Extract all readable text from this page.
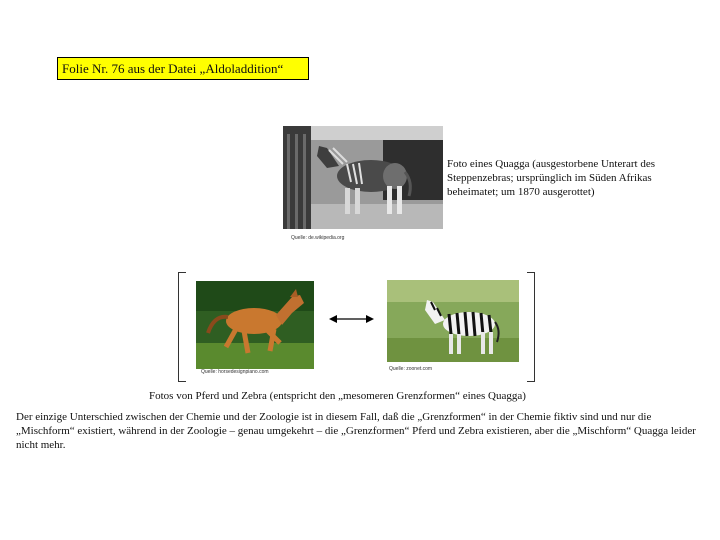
Folie Nr. 76 aus der Datei „Aldoladdition“
Quelle: de.wikipedia.org
Foto eines Quagga (ausgestorbene Unterart des Steppenzebras; ursprünglich im Süden Afrikas beheimatet; um 1870 ausgerottet)
Quelle: horsedesignpiano.com	Quelle: zoonet.com
Fotos von Pferd und Zebra (entspricht den „mesomeren Grenzformen“ eines Quagga)
Der einzige Unterschied zwischen der Chemie und der Zoologie ist in diesem Fall, daß die „Grenzformen“ in der Chemie fiktiv sind und nur die „Mischform“ existiert, während in der Zoologie – genau umgekehrt – die „Grenzformen“ Pferd und Zebra existieren, aber die „Mischform“ Quagga leider nicht mehr.
